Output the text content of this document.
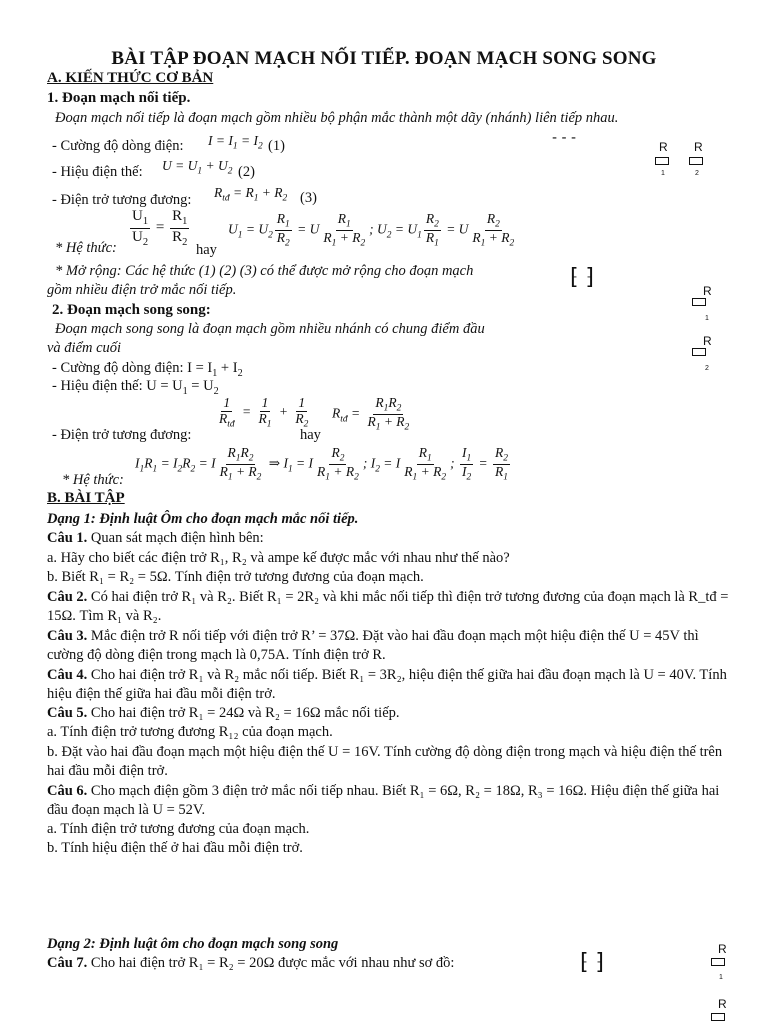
BÀI TẬP ĐOẠN MẠCH NỐI TIẾP. ĐOẠN MẠCH SONG SONG
A. KIẾN THỨC CƠ BẢN
1. Đoạn mạch nối tiếp.
Đoạn mạch nối tiếp là đoạn mạch gồm nhiều bộ phận mắc thành một dãy (nhánh) liên tiếp nhau.
- Cường độ dòng điện: $I = I_1 = I_2$ (1)
- Hiệu điện thế: $U = U_1 + U_2$ (2)
- Điện trở tương đương: $R_{tđ} = R_1 + R_2$ (3)
$\frac{U_1}{U_2} = \frac{R_1}{R_2}$
* Hệ thức:	hay
$U_1 = U_2 \frac{R_1}{R_2} = U \frac{R_1}{R_1 + R_2}$ ; $U_2 = U_1 \frac{R_2}{R_1} = U \frac{R_2}{R_1 + R_2}$
* Mở rộng: Các hệ thức (1) (2) (3) có thể được mở rộng cho đoạn mạch
gồm nhiều điện trở mắc nối tiếp.
2. Đoạn mạch song song:
Đoạn mạch song song là đoạn mạch gồm nhiều nhánh có chung điểm đầu
và điểm cuối
- Cường độ dòng điện: $I = I_1 + I_2$
- Hiệu điện thế: $U = U_1 = U_2$
- Điện trở tương đương:
$\frac{1}{R_{tđ}} = \frac{1}{R_1} + \frac{1}{R_2}$
hay
$R_{tđ} = \frac{R_1R_2}{R_1 + R_2}$
$I_1R_1 = I_2R_2 = I \frac{R_1R_2}{R_1 + R_2}$ ⇒ $I_1 = I \frac{R_2}{R_1 + R_2}$ ; $I_2 = I \frac{R_1}{R_1 + R_2}$ ; $\frac{I_1}{I_2} = \frac{R_2}{R_1}$
* Hệ thức:
B. BÀI TẬP
Dạng 1: Định luật Ôm cho đoạn mạch mắc nối tiếp.
Câu 1. Quan sát mạch điện hình bên:
a. Hãy cho biết các điện trở R₁, R₂ và ampe kế được mắc với nhau như thế nào?
b. Biết R₁ = R₂ = 5Ω. Tính điện trở tương đương của đoạn mạch.
Câu 2. Có hai điện trở R₁ và R₂. Biết R₁ = 2R₂ và khi mắc nối tiếp thì điện trở tương đương của đoạn mạch là R_tđ = 15Ω. Tìm R₁ và R₂.
Câu 3. Mắc điện trở R nối tiếp với điện trở R’ = 37Ω. Đặt vào hai đầu đoạn mạch một hiệu điện thế U = 45V thì cường độ dòng điện trong mạch là 0,75A. Tính điện trở R.
Câu 4. Cho hai điện trở R₁ và R₂ mắc nối tiếp. Biết R₁ = 3R₂, hiệu điện thế giữa hai đầu đoạn mạch là U = 40V. Tính hiệu điện thế giữa hai đầu mỗi điện trở.
Câu 5. Cho hai điện trở R₁ = 24Ω và R₂ = 16Ω mắc nối tiếp.
a. Tính điện trở tương đương R₁₂ của đoạn mạch.
b. Đặt vào hai đầu đoạn mạch một hiệu điện thế U = 16V. Tính cường độ dòng điện trong mạch và hiệu điện thế trên hai đầu mỗi điện trở.
Câu 6. Cho mạch điện gồm 3 điện trở mắc nối tiếp nhau. Biết R₁ = 6Ω, R₂ = 18Ω, R₃ = 16Ω. Hiệu điện thế giữa hai đầu đoạn mạch là U = 52V.
a. Tính điện trở tương đương của đoạn mạch.
b. Tính hiệu điện thế ở hai đầu mỗi điện trở.
Dạng 2: Định luật ôm cho đoạn mạch song song
Câu 7. Cho hai điện trở R₁ = R₂ = 20Ω được mắc với nhau như sơ đồ:
- - -
R
1
R
2
⁅ ⁆
R
1
R
2
⁅ ⁆
R
1
R
